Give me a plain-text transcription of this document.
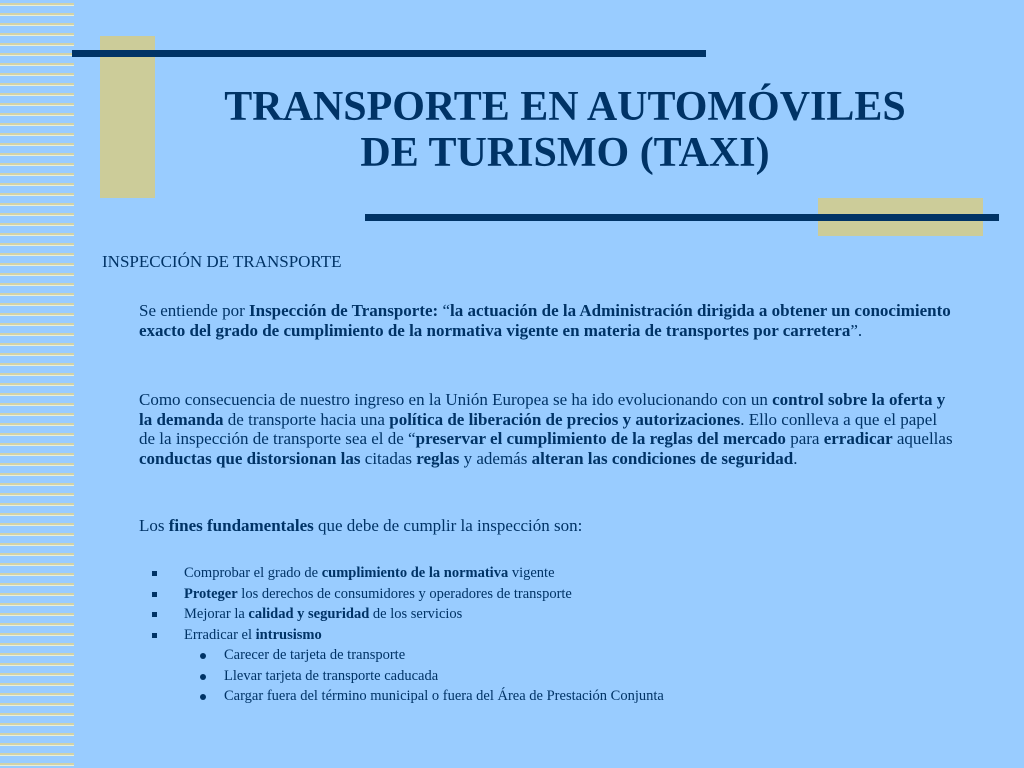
TRANSPORTE EN AUTOMÓVILES
DE TURISMO (TAXI)
INSPECCIÓN DE TRANSPORTE
Se entiende por Inspección de Transporte: “la actuación de la Administración dirigida a obtener un conocimiento exacto del grado de cumplimiento de la normativa vigente en materia de transportes por carretera”.
Como consecuencia de nuestro ingreso en la Unión Europea se ha ido evolucionando con un control sobre la oferta y la demanda de transporte hacia una política de liberación de precios y autorizaciones. Ello conlleva a que el papel de la inspección de transporte sea el de “preservar el cumplimiento de la reglas del mercado para erradicar aquellas conductas que distorsionan las citadas reglas y además alteran las condiciones de seguridad.
Los fines fundamentales que debe de cumplir la inspección son:
Comprobar el grado de cumplimiento de la normativa vigente
Proteger los derechos de consumidores y operadores de transporte
Mejorar la calidad y seguridad de los servicios
Erradicar el intrusismo
Carecer de tarjeta de transporte
Llevar tarjeta de transporte caducada
Cargar fuera del término municipal o fuera del Área de Prestación Conjunta
